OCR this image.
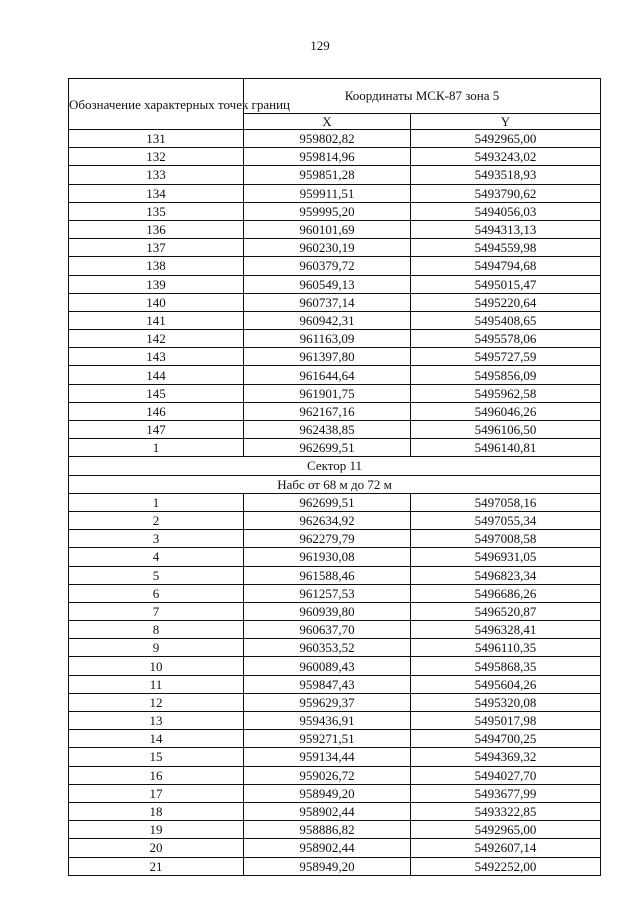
129
Обозначение характерных точек границ	Координаты МСК-87 зона 5	
	X	Y
131	959802,82	5492965,00
132	959814,96	5493243,02
133	959851,28	5493518,93
134	959911,51	5493790,62
135	959995,20	5494056,03
136	960101,69	5494313,13
137	960230,19	5494559,98
138	960379,72	5494794,68
139	960549,13	5495015,47
140	960737,14	5495220,64
141	960942,31	5495408,65
142	961163,09	5495578,06
143	961397,80	5495727,59
144	961644,64	5495856,09
145	961901,75	5495962,58
146	962167,16	5496046,26
147	962438,85	5496106,50
1	962699,51	5496140,81
Сектор 11		
Набс от 68 м до 72 м		
1	962699,51	5497058,16
2	962634,92	5497055,34
3	962279,79	5497008,58
4	961930,08	5496931,05
5	961588,46	5496823,34
6	961257,53	5496686,26
7	960939,80	5496520,87
8	960637,70	5496328,41
9	960353,52	5496110,35
10	960089,43	5495868,35
11	959847,43	5495604,26
12	959629,37	5495320,08
13	959436,91	5495017,98
14	959271,51	5494700,25
15	959134,44	5494369,32
16	959026,72	5494027,70
17	958949,20	5493677,99
18	958902,44	5493322,85
19	958886,82	5492965,00
20	958902,44	5492607,14
21	958949,20	5492252,00
